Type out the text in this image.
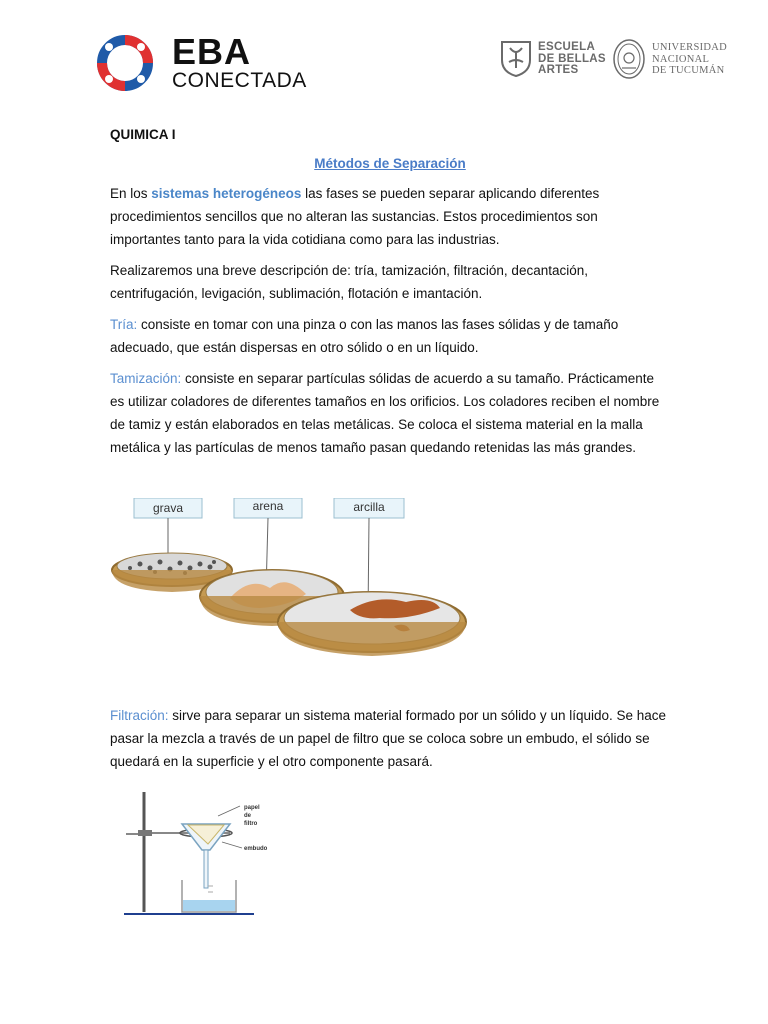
EBA
CONECTADA
ESCUELA
DE BELLAS
ARTES
UNIVERSIDAD
NACIONAL
DE TUCUMÁN
QUIMICA I
Métodos de Separación

En los sistemas heterogéneos las fases se pueden separar aplicando diferentes procedimientos sencillos que no alteran las sustancias. Estos procedimientos son importantes tanto para la vida cotidiana como para las industrias.

Realizaremos una breve descripción de: tría, tamización, filtración, decantación, centrifugación, levigación, sublimación, flotación e imantación.

Tría: consiste en tomar con una pinza o con las manos las fases sólidas y de tamaño adecuado, que están dispersas en otro sólido o en un líquido.

Tamización: consiste en separar partículas sólidas de acuerdo a su tamaño. Prácticamente es utilizar coladores de diferentes tamaños en los orificios. Los coladores reciben el nombre de tamiz y están elaborados en telas metálicas. Se coloca el sistema material en la malla metálica y las partículas de menos tamaño pasan quedando retenidas las más grandes.

grava	arena	arcilla

Filtración: sirve para separar un sistema material formado por un sólido y un líquido. Se hace pasar la mezcla a través de un papel de filtro que se coloca sobre un embudo, el sólido se quedará en la superficie y el otro componente pasará.

papel
de
filtro
embudo
